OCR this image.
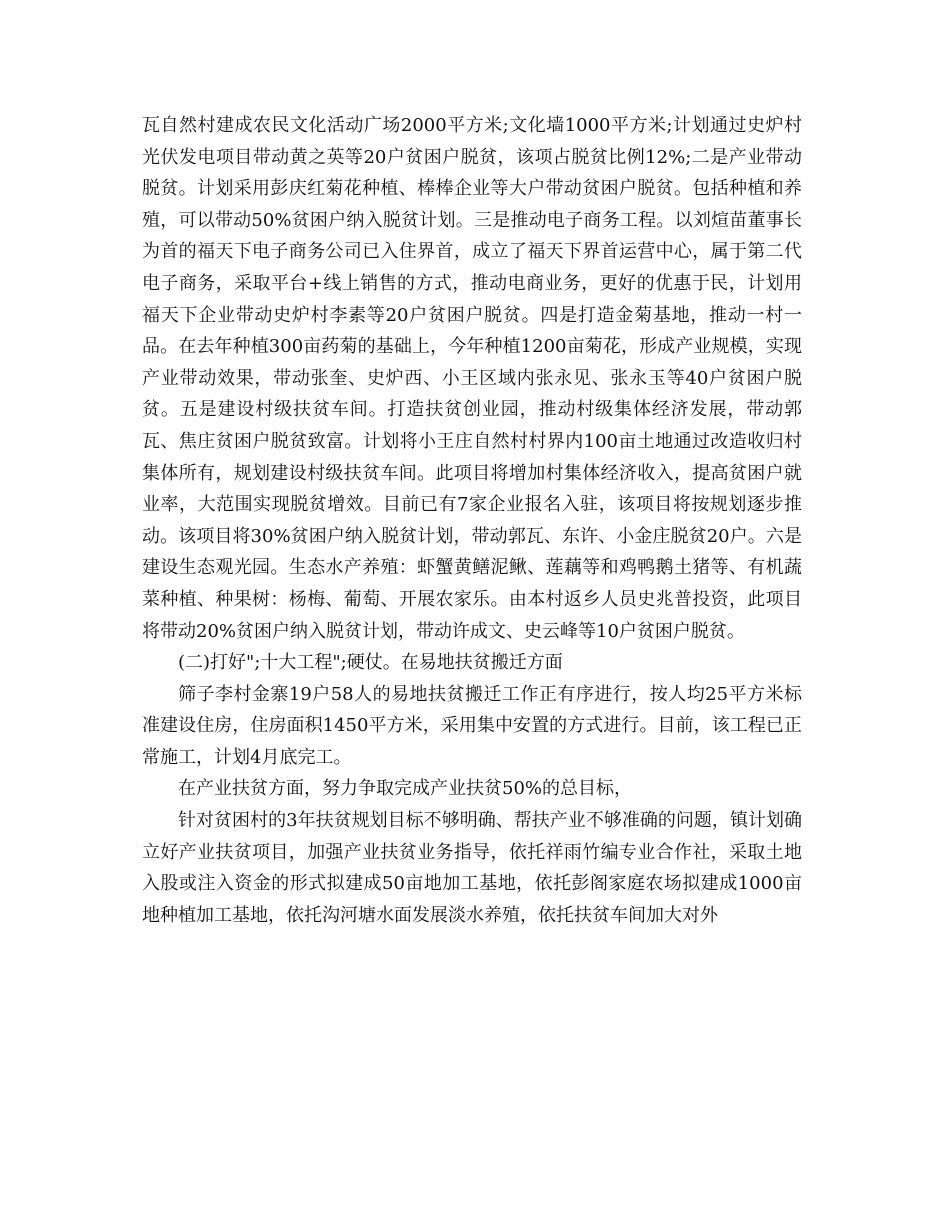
瓦自然村建成农民文化活动广场2000平方米;文化墙1000平方米;计划通过史炉村光伏发电项目带动黄之英等20户贫困户脱贫，该项占脱贫比例12%;二是产业带动脱贫。计划采用彭庆红菊花种植、棒棒企业等大户带动贫困户脱贫。包括种植和养殖，可以带动50%贫困户纳入脱贫计划。三是推动电子商务工程。以刘煊苗董事长为首的福天下电子商务公司已入住界首，成立了福天下界首运营中心，属于第二代电子商务，采取平台+线上销售的方式，推动电商业务，更好的优惠于民，计划用福天下企业带动史炉村李素等20户贫困户脱贫。四是打造金菊基地，推动一村一品。在去年种植300亩药菊的基础上，今年种植1200亩菊花，形成产业规模，实现产业带动效果，带动张奎、史炉西、小王区域内张永见、张永玉等40户贫困户脱贫。五是建设村级扶贫车间。打造扶贫创业园，推动村级集体经济发展，带动郭瓦、焦庄贫困户脱贫致富。计划将小王庄自然村村界内100亩土地通过改造收归村集体所有，规划建设村级扶贫车间。此项目将增加村集体经济收入，提高贫困户就业率，大范围实现脱贫增效。目前已有7家企业报名入驻，该项目将按规划逐步推动。该项目将30%贫困户纳入脱贫计划，带动郭瓦、东许、小金庄脱贫20户。六是建设生态观光园。生态水产养殖：虾蟹黄鳝泥鳅、莲藕等和鸡鸭鹅土猪等、有机蔬菜种植、种果树：杨梅、葡萄、开展农家乐。由本村返乡人员史兆普投资，此项目将带动20%贫困户纳入脱贫计划，带动许成文、史云峰等10户贫困户脱贫。

(二)打好";十大工程";硬仗。在易地扶贫搬迁方面

筛子李村金寨19户58人的易地扶贫搬迁工作正有序进行，按人均25平方米标准建设住房，住房面积1450平方米，采用集中安置的方式进行。目前，该工程已正常施工，计划4月底完工。

在产业扶贫方面，努力争取完成产业扶贫50%的总目标，

针对贫困村的3年扶贫规划目标不够明确、帮扶产业不够准确的问题，镇计划确立好产业扶贫项目，加强产业扶贫业务指导，依托祥雨竹编专业合作社，采取土地入股或注入资金的形式拟建成50亩地加工基地，依托彭阁家庭农场拟建成1000亩地种植加工基地，依托沟河塘水面发展淡水养殖，依托扶贫车间加大对外
